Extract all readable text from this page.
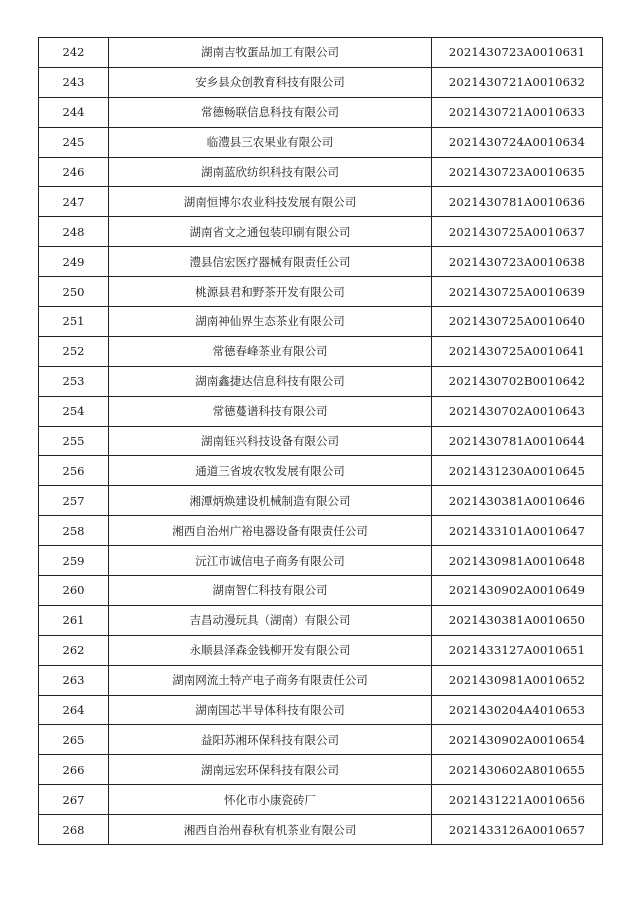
242	湖南吉牧蛋品加工有限公司	2021430723A0010631
243	安乡县众创教育科技有限公司	2021430721A0010632
244	常德畅联信息科技有限公司	2021430721A0010633
245	临澧县三农果业有限公司	2021430724A0010634
246	湖南蓝欣纺织科技有限公司	2021430723A0010635
247	湖南恒博尔农业科技发展有限公司	2021430781A0010636
248	湖南省文之通包装印刷有限公司	2021430725A0010637
249	澧县信宏医疗器械有限责任公司	2021430723A0010638
250	桃源县君和野茶开发有限公司	2021430725A0010639
251	湖南神仙界生态茶业有限公司	2021430725A0010640
252	常德春峰茶业有限公司	2021430725A0010641
253	湖南鑫捷达信息科技有限公司	2021430702B0010642
254	常德蔓谱科技有限公司	2021430702A0010643
255	湖南钰兴科技设备有限公司	2021430781A0010644
256	通道三省坡农牧发展有限公司	2021431230A0010645
257	湘潭炳焕建设机械制造有限公司	2021430381A0010646
258	湘西自治州广裕电器设备有限责任公司	2021433101A0010647
259	沅江市诚信电子商务有限公司	2021430981A0010648
260	湖南智仁科技有限公司	2021430902A0010649
261	吉昌动漫玩具（湖南）有限公司	2021430381A0010650
262	永顺县泽森金钱柳开发有限公司	2021433127A0010651
263	湖南网流土特产电子商务有限责任公司	2021430981A0010652
264	湖南国芯半导体科技有限公司	2021430204A4010653
265	益阳苏湘环保科技有限公司	2021430902A0010654
266	湖南远宏环保科技有限公司	2021430602A8010655
267	怀化市小康瓷砖厂	2021431221A0010656
268	湘西自治州春秋有机茶业有限公司	2021433126A0010657
